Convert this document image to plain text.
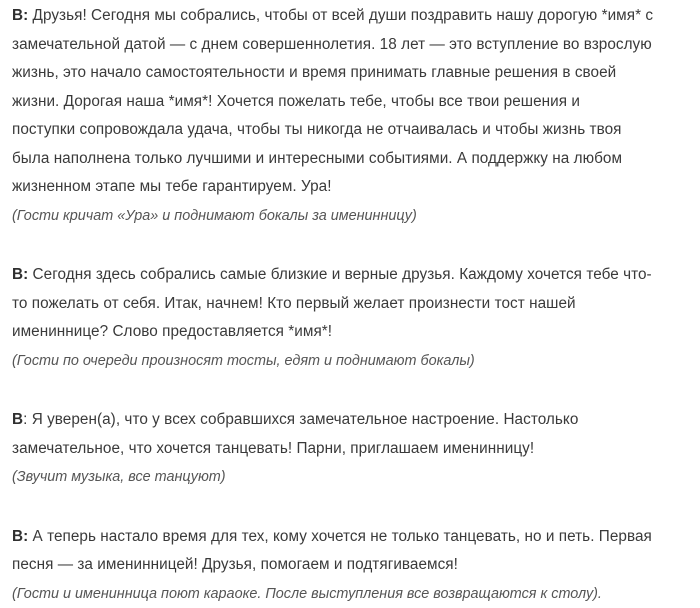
В: Друзья! Сегодня мы собрались, чтобы от всей души поздравить нашу дорогую *имя* с
замечательной датой — с днем совершеннолетия. 18 лет — это вступление во взрослую
жизнь, это начало самостоятельности и время принимать главные решения в своей
жизни. Дорогая наша *имя*! Хочется пожелать тебе, чтобы все твои решения и
поступки сопровождала удача, чтобы ты никогда не отчаивалась и чтобы жизнь твоя
была наполнена только лучшими и интересными событиями. А поддержку на любом
жизненном этапе мы тебе гарантируем. Ура!
(Гости кричат «Ура» и поднимают бокалы за именинницу)
В: Сегодня здесь собрались самые близкие и верные друзья. Каждому хочется тебе что-
то пожелать от себя. Итак, начнем! Кто первый желает произнести тост нашей
имениннице? Слово предоставляется *имя*!
(Гости по очереди произносят тосты, едят и поднимают бокалы)
В: Я уверен(а), что у всех собравшихся замечательное настроение. Настолько
замечательное, что хочется танцевать! Парни, приглашаем именинницу!
(Звучит музыка, все танцуют)
В: А теперь настало время для тех, кому хочется не только танцевать, но и петь. Первая
песня — за именинницей! Друзья, помогаем и подтягиваемся!
(Гости и именинница поют караоке. После выступления все возвращаются к столу).
